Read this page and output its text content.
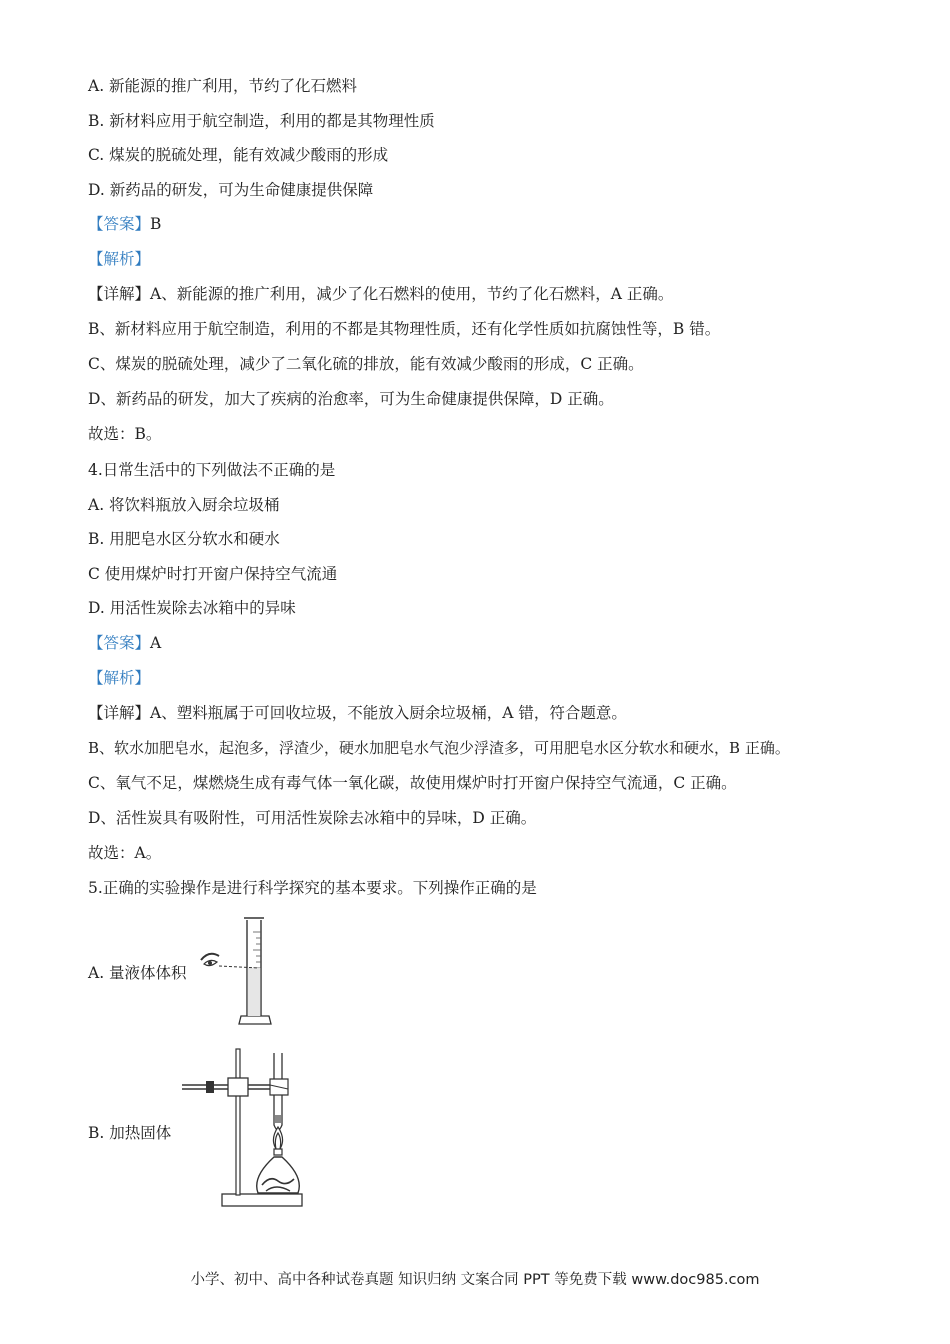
A. 新能源的推广利用，节约了化石燃料
B. 新材料应用于航空制造，利用的都是其物理性质
C. 煤炭的脱硫处理，能有效减少酸雨的形成
D. 新药品的研发，可为生命健康提供保障
【答案】B
【解析】
【详解】A、新能源的推广利用，减少了化石燃料的使用，节约了化石燃料，A 正确。
B、新材料应用于航空制造，利用的不都是其物理性质，还有化学性质如抗腐蚀性等，B 错。
C、煤炭的脱硫处理，减少了二氧化硫的排放，能有效减少酸雨的形成，C 正确。
D、新药品的研发，加大了疾病的治愈率，可为生命健康提供保障，D 正确。
故选：B。
4.日常生活中的下列做法不正确的是
A. 将饮料瓶放入厨余垃圾桶
B. 用肥皂水区分软水和硬水
C 使用煤炉时打开窗户保持空气流通
D. 用活性炭除去冰箱中的异味
【答案】A
【解析】
【详解】A、塑料瓶属于可回收垃圾，不能放入厨余垃圾桶，A 错，符合题意。
B、软水加肥皂水，起泡多，浮渣少，硬水加肥皂水气泡少浮渣多，可用肥皂水区分软水和硬水，B 正确。
C、氧气不足，煤燃烧生成有毒气体一氧化碳，故使用煤炉时打开窗户保持空气流通，C 正确。
D、活性炭具有吸附性，可用活性炭除去冰箱中的异味，D 正确。
故选：A。
5.正确的实验操作是进行科学探究的基本要求。下列操作正确的是
A. 量液体体积
B. 加热固体
小学、初中、高中各种试卷真题 知识归纳 文案合同 PPT 等免费下载 www.doc985.com
